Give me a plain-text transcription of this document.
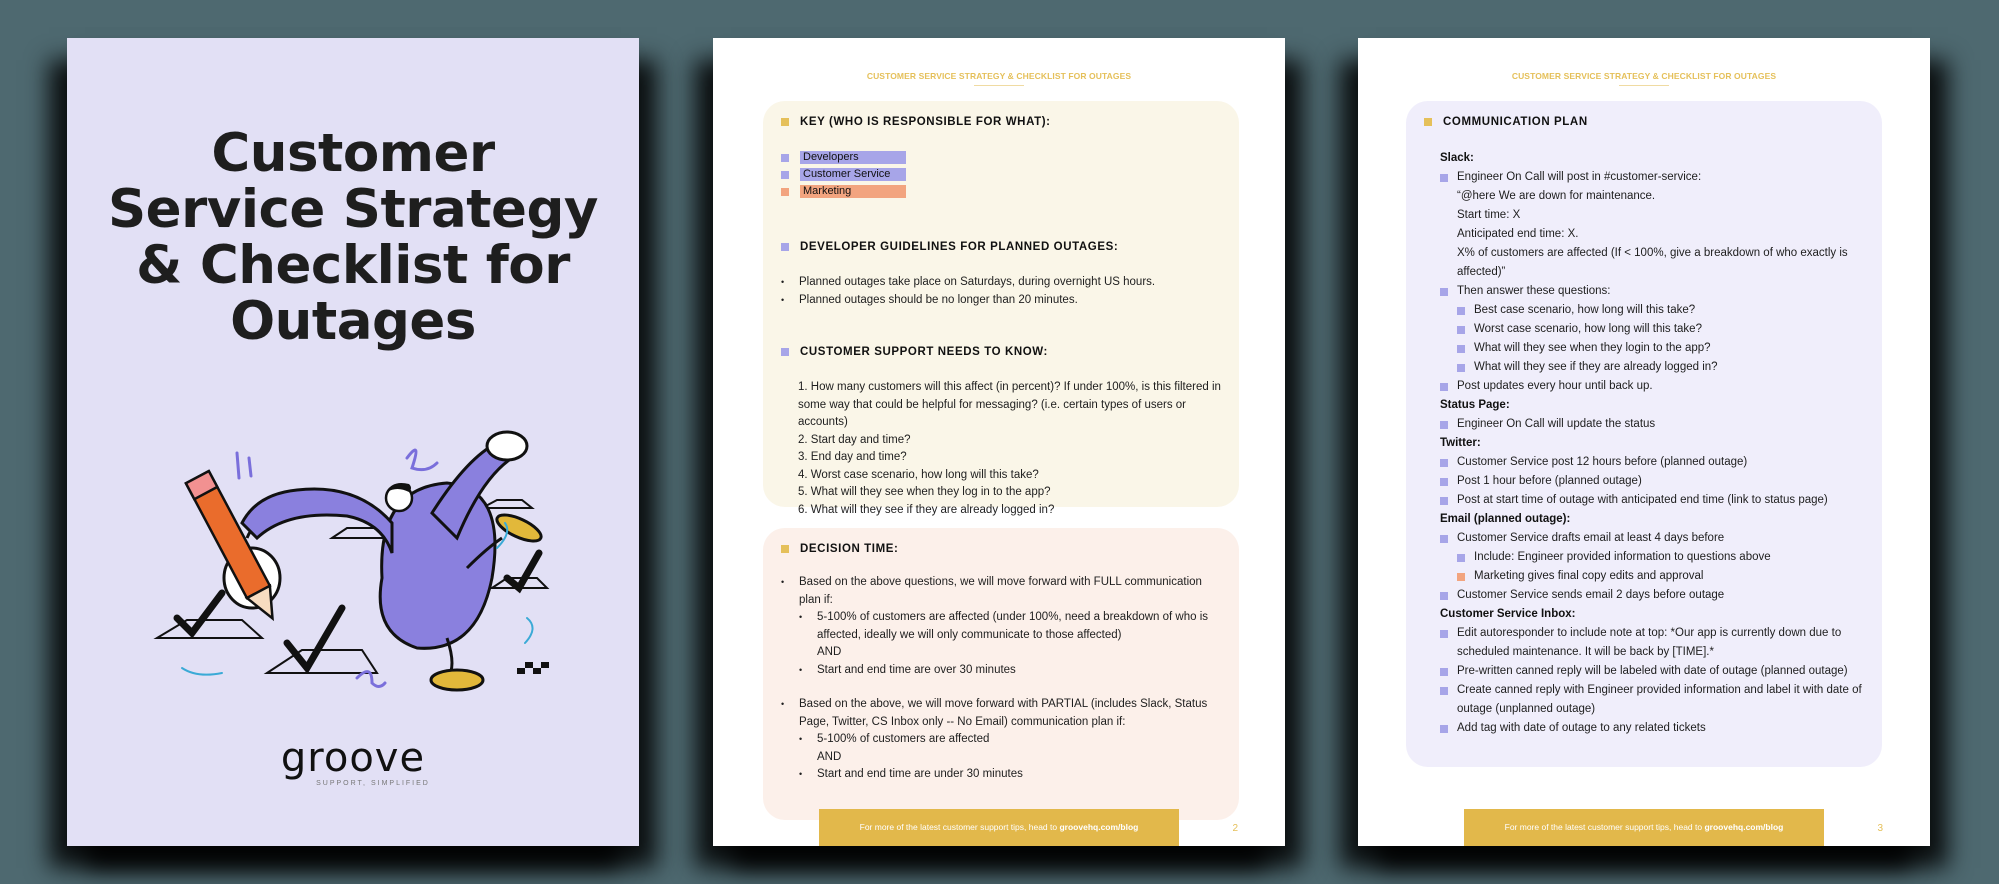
Customer
Service Strategy
& Checklist for
Outages
groove
SUPPORT, SIMPLIFIED
CUSTOMER SERVICE STRATEGY & CHECKLIST FOR OUTAGES
KEY (WHO IS RESPONSIBLE FOR WHAT):
Developers
Customer Service
Marketing
DEVELOPER GUIDELINES FOR PLANNED OUTAGES:
• Planned outages take place on Saturdays, during overnight US hours.
• Planned outages should be no longer than 20 minutes.
CUSTOMER SUPPORT NEEDS TO KNOW:
1. How many customers will this affect (in percent)? If under 100%, is this filtered in some way that could be helpful for messaging? (i.e. certain types of users or accounts)
2. Start day and time?
3. End day and time?
4. Worst case scenario, how long will this take?
5. What will they see when they log in to the app?
6. What will they see if they are already logged in?
DECISION TIME:
• Based on the above questions, we will move forward with FULL communication plan if:
• 5-100% of customers are affected (under 100%, need a breakdown of who is affected, ideally we will only communicate to those affected)
AND
• Start and end time are over 30 minutes
• Based on the above, we will move forward with PARTIAL (includes Slack, Status Page, Twitter, CS Inbox only -- No Email) communication plan if:
• 5-100% of customers are affected
AND
• Start and end time are under 30 minutes
For more of the latest customer support tips, head to groovehq.com/blog	2
CUSTOMER SERVICE STRATEGY & CHECKLIST FOR OUTAGES
COMMUNICATION PLAN
Slack:
Engineer On Call will post in #customer-service:
“@here We are down for maintenance.
Start time: X
Anticipated end time: X.
X% of customers are affected (If < 100%, give a breakdown of who exactly is affected)”
Then answer these questions:
Best case scenario, how long will this take?
Worst case scenario, how long will this take?
What will they see when they login to the app?
What will they see if they are already logged in?
Post updates every hour until back up.
Status Page:
Engineer On Call will update the status
Twitter:
Customer Service post 12 hours before (planned outage)
Post 1 hour before (planned outage)
Post at start time of outage with anticipated end time (link to status page)
Email (planned outage):
Customer Service drafts email at least 4 days before
Include: Engineer provided information to questions above
Marketing gives final copy edits and approval
Customer Service sends email 2 days before outage
Customer Service Inbox:
Edit autoresponder to include note at top: *Our app is currently down due to scheduled maintenance. It will be back by [TIME].*
Pre-written canned reply will be labeled with date of outage (planned outage)
Create canned reply with Engineer provided information and label it with date of outage (unplanned outage)
Add tag with date of outage to any related tickets
For more of the latest customer support tips, head to groovehq.com/blog	3
